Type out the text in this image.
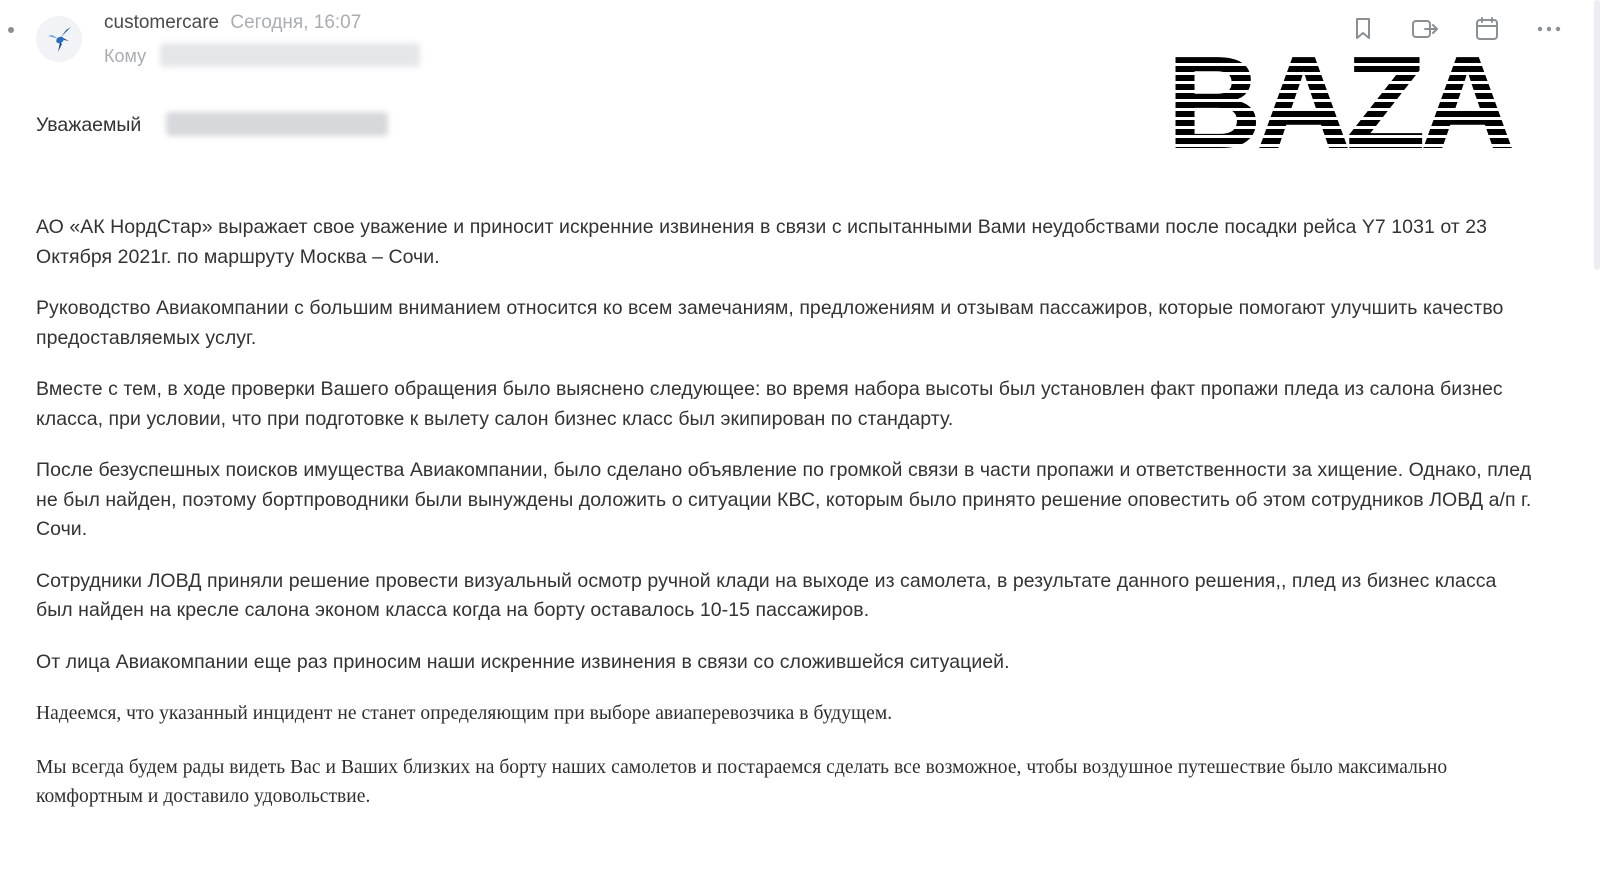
customercare Сегодня, 16:07
Кому
Уважаемый

АО «АК НордСтар» выражает свое уважение и приносит искренние извинения в связи с испытанными Вами неудобствами после посадки рейса Y7 1031 от 23 Октября 2021г. по маршруту Москва – Сочи.

Руководство Авиакомпании с большим вниманием относится ко всем замечаниям, предложениям и отзывам пассажиров, которые помогают улучшить качество предоставляемых услуг.

Вместе с тем, в ходе проверки Вашего обращения было выяснено следующее: во время набора высоты был установлен факт пропажи пледа из салона бизнес класса, при условии, что при подготовке к вылету салон бизнес класс был экипирован по стандарту.

После безуспешных поисков имущества Авиакомпании, было сделано объявление по громкой связи в части пропажи и ответственности за хищение. Однако, плед не был найден, поэтому бортпроводники были вынуждены доложить о ситуации КВС, которым было принято решение оповестить об этом сотрудников ЛОВД а/п г. Сочи.

Сотрудники ЛОВД приняли решение провести визуальный осмотр ручной клади на выходе из самолета, в результате данного решения,, плед из бизнес класса был найден на кресле салона эконом класса когда на борту оставалось 10-15 пассажиров.

От лица Авиакомпании еще раз приносим наши искренние извинения в связи со сложившейся ситуацией.

Надеемся, что указанный инцидент не станет определяющим при выборе авиаперевозчика в будущем.

Мы всегда будем рады видеть Вас и Ваших близких на борту наших самолетов и постараемся сделать все возможное, чтобы воздушное путешествие было максимально комфортным и доставило удовольствие.
